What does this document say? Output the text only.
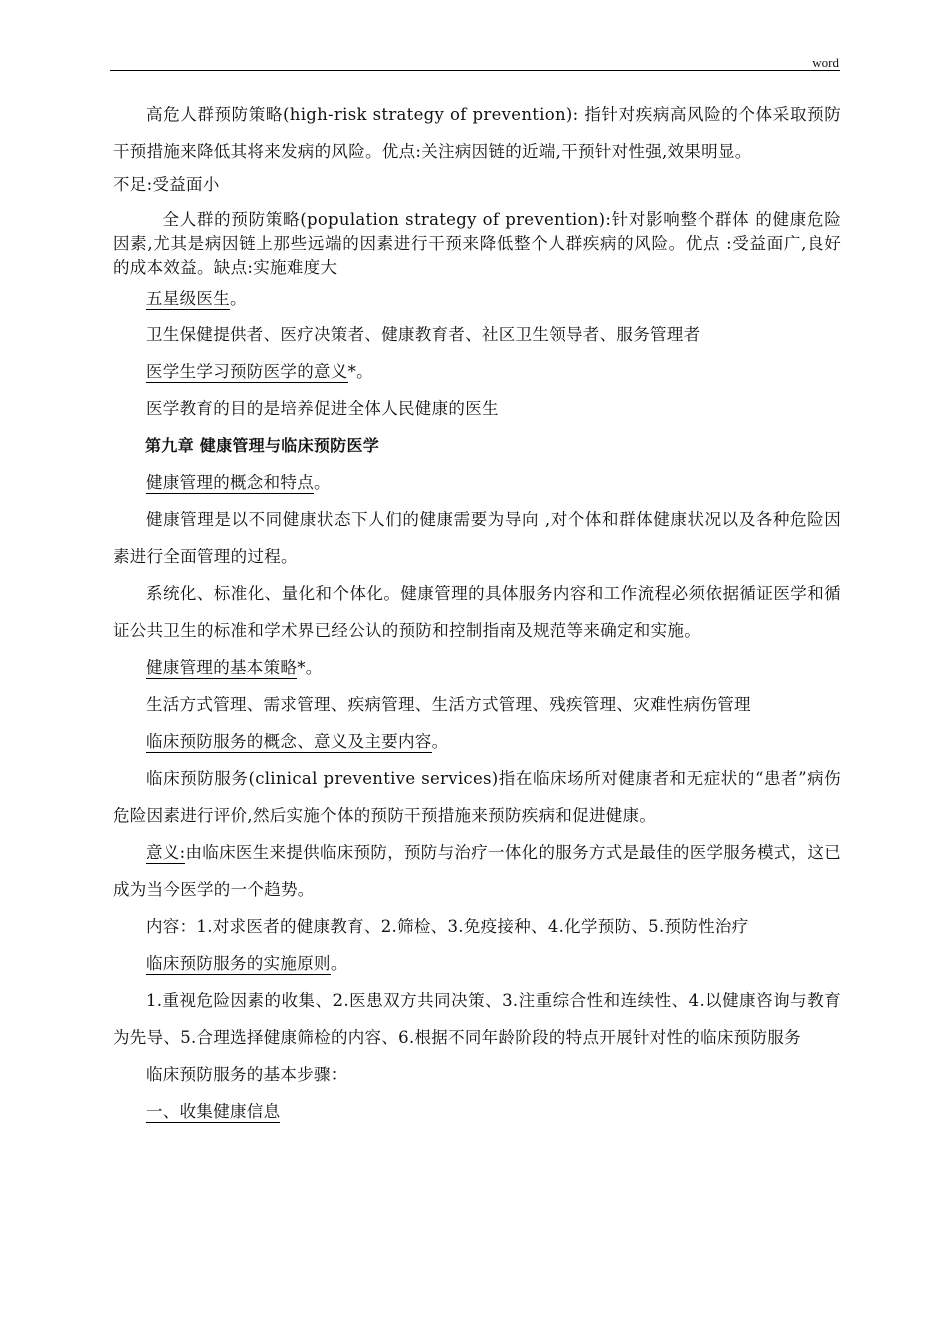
word

高危人群预防策略(high-risk strategy of prevention): 指针对疾病高风险的个体采取预防干预措施来降低其将来发病的风险。优点:关注病因链的近端,干预针对性强,效果明显。

不足:受益面小

全人群的预防策略(population strategy of prevention):针对影响整个群体 的健康危险因素,尤其是病因链上那些远端的因素进行干预来降低整个人群疾病的风险。优点 :受益面广,良好的成本效益。缺点:实施难度大

五星级医生。

卫生保健提供者、医疗决策者、健康教育者、社区卫生领导者、服务管理者

医学生学习预防医学的意义*。

医学教育的目的是培养促进全体人民健康的医生

第九章 健康管理与临床预防医学

健康管理的概念和特点。

健康管理是以不同健康状态下人们的健康需要为导向 ,对个体和群体健康状况以及各种危险因素进行全面管理的过程。

系统化、标准化、量化和个体化。健康管理的具体服务内容和工作流程必须依据循证医学和循证公共卫生的标准和学术界已经公认的预防和控制指南及规范等来确定和实施。

健康管理的基本策略*。

生活方式管理、需求管理、疾病管理、生活方式管理、残疾管理、灾难性病伤管理

临床预防服务的概念、意义及主要内容。

临床预防服务(clinical preventive services)指在临床场所对健康者和无症状的“患者”病伤危险因素进行评价,然后实施个体的预防干预措施来预防疾病和促进健康。

意义:由临床医生来提供临床预防，预防与治疗一体化的服务方式是最佳的医学服务模式，这已成为当今医学的一个趋势。

内容：1.对求医者的健康教育、2.筛检、3.免疫接种、4.化学预防、5.预防性治疗

临床预防服务的实施原则。

1.重视危险因素的收集、2.医患双方共同决策、3.注重综合性和连续性、4.以健康咨询与教育为先导、5.合理选择健康筛检的内容、6.根据不同年龄阶段的特点开展针对性的临床预防服务

临床预防服务的基本步骤：

一、收集健康信息
